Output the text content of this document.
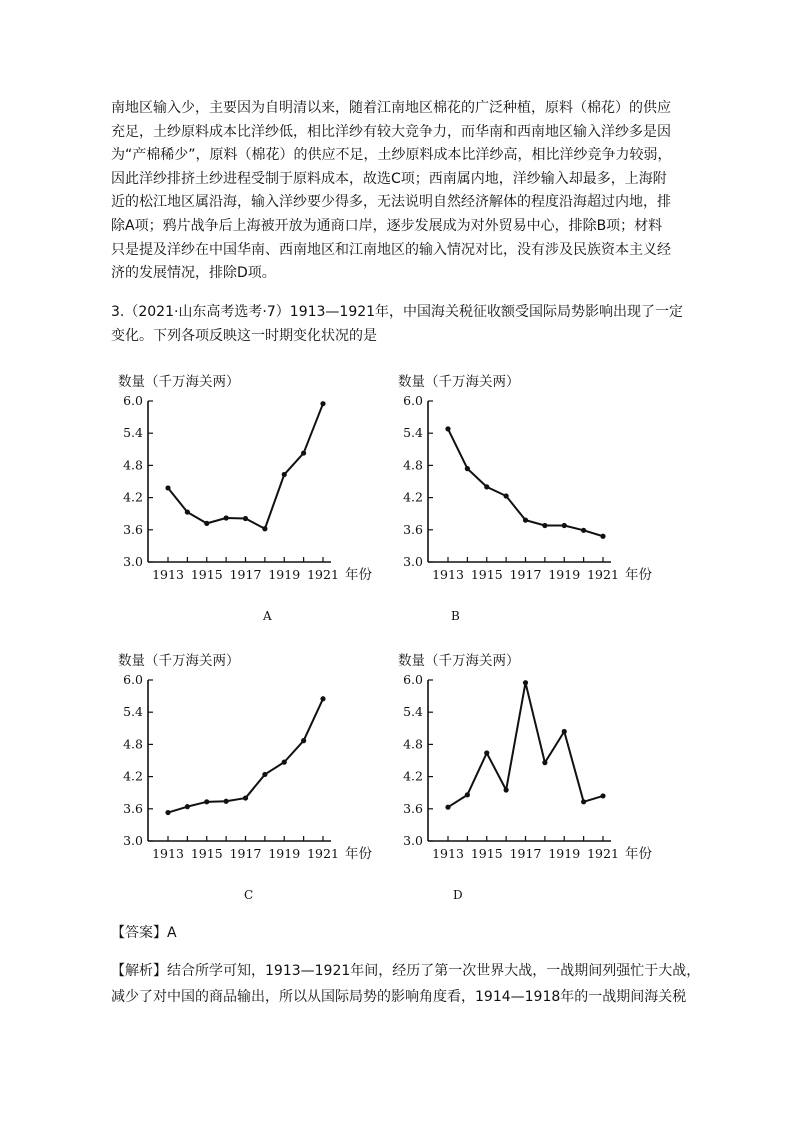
南地区输入少，主要因为自明清以来，随着江南地区棉花的广泛种植，原料（棉花）的供应

充足，土纱原料成本比洋纱低，相比洋纱有较大竞争力，而华南和西南地区输入洋纱多是因

为“产棉稀少”，原料（棉花）的供应不足，土纱原料成本比洋纱高，相比洋纱竞争力较弱，

因此洋纱排挤土纱进程受制于原料成本，故选C项；西南属内地，洋纱输入却最多，上海附

近的松江地区属沿海，输入洋纱要少得多，无法说明自然经济解体的程度沿海超过内地，排

除A项；鸦片战争后上海被开放为通商口岸，逐步发展成为对外贸易中心，排除B项；材料

只是提及洋纱在中国华南、西南地区和江南地区的输入情况对比，没有涉及民族资本主义经

济的发展情况，排除D项。

3.（2021·山东高考选考·7）1913—1921年，中国海关税征收额受国际局势影响出现了一定

变化。下列各项反映这一时期变化状况的是

数量（千万海关两）
6.0
5.4
4.8
4.2
3.6
3.0
1913 1915 1917 1919 1921 年份
数量（千万海关两）
6.0
5.4
4.8
4.2
3.6
3.0
1913 1915 1917 1919 1921 年份
数量（千万海关两）
6.0
5.4
4.8
4.2
3.6
3.0
1913 1915 1917 1919 1921 年份
数量（千万海关两）
6.0
5.4
4.8
4.2
3.6
3.0
1913 1915 1917 1919 1921 年份
A	B
C	D
【答案】A

【解析】结合所学可知，1913—1921年间，经历了第一次世界大战，一战期间列强忙于大战，

减少了对中国的商品输出，所以从国际局势的影响角度看，1914—1918年的一战期间海关税
